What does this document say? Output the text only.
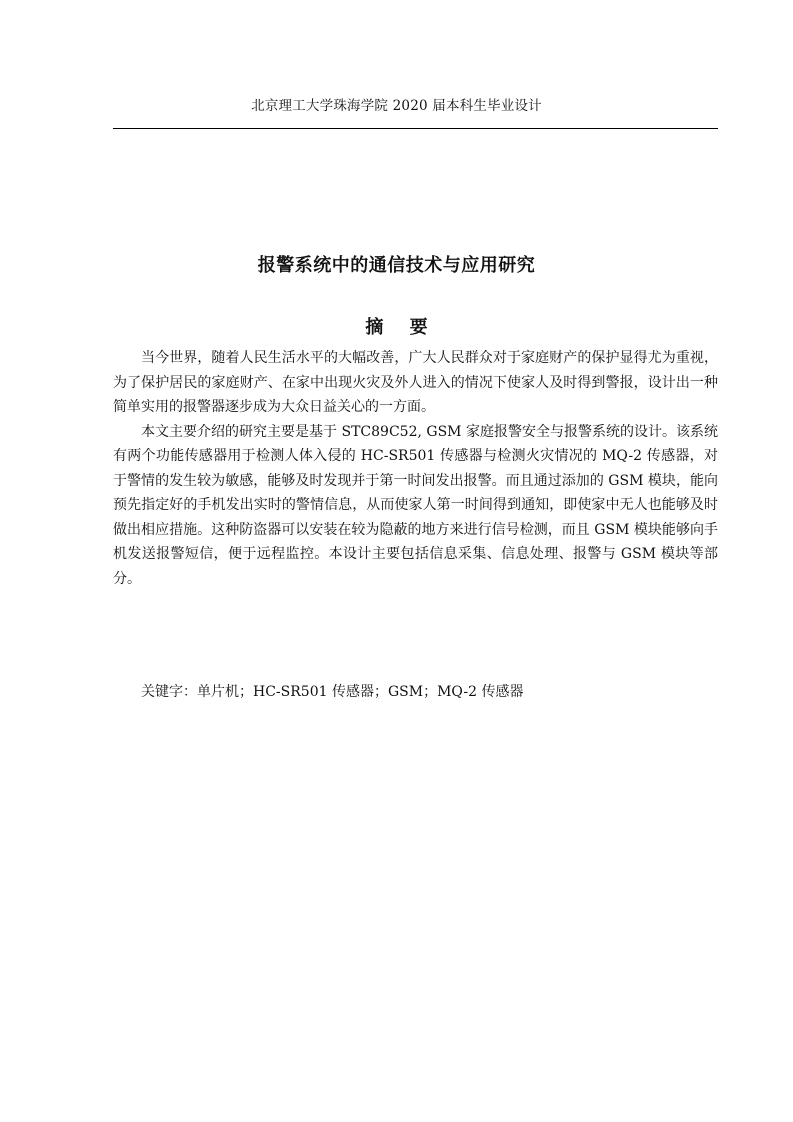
北京理工大学珠海学院 2020 届本科生毕业设计
报警系统中的通信技术与应用研究
摘 要

当今世界，随着人民生活水平的大幅改善，广大人民群众对于家庭财产的保护显得尤为重视，为了保护居民的家庭财产、在家中出现火灾及外人进入的情况下使家人及时得到警报，设计出一种简单实用的报警器逐步成为大众日益关心的一方面。

本文主要介绍的研究主要是基于 STC89C52, GSM 家庭报警安全与报警系统的设计。该系统有两个功能传感器用于检测人体入侵的 HC-SR501 传感器与检测火灾情况的 MQ-2 传感器，对于警情的发生较为敏感，能够及时发现并于第一时间发出报警。而且通过添加的 GSM 模块，能向预先指定好的手机发出实时的警情信息，从而使家人第一时间得到通知，即使家中无人也能够及时做出相应措施。这种防盗器可以安装在较为隐蔽的地方来进行信号检测，而且 GSM 模块能够向手机发送报警短信，便于远程监控。本设计主要包括信息采集、信息处理、报警与 GSM 模块等部分。

关键字：单片机；HC-SR501 传感器；GSM；MQ-2 传感器
